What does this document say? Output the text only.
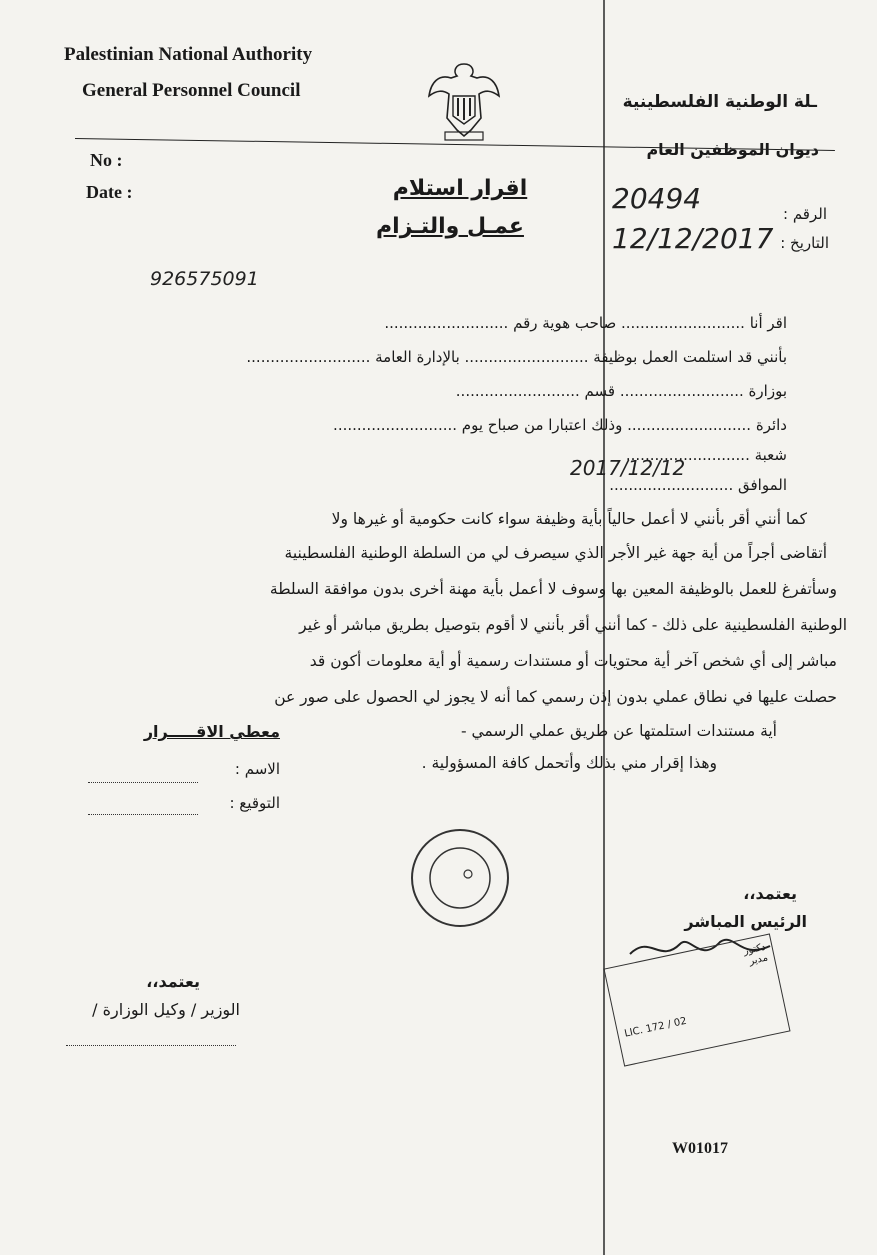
Palestinian National Authority
General Personnel Council
ـلة الوطنية الفلسطينية
ديوان الموظفين العام
No :
Date :	اقرار استلام
عمـل والتـزام	الرقم :
التاريخ :
20494
12/12/2017
926575091
اقر أنا .......................... صاحب هوية رقم ..........................
بأنني قد استلمت العمل بوظيفة .......................... بالإدارة العامة ..........................
بوزارة .......................... قسم ..........................
دائرة .......................... وذلك اعتبارا من صباح يوم ..........................
شعبة ..........................
الموافق ..........................
2017/12/12
كما أنني أقر بأنني لا أعمل حالياً بأية وظيفة سواء كانت حكومية أو غيرها ولا
أتقاضى أجراً من أية جهة غير الأجر الذي سيصرف لي من السلطة الوطنية الفلسطينية
وسأتفرغ للعمل بالوظيفة المعين بها وسوف لا أعمل بأية مهنة أخرى بدون موافقة السلطة
الوطنية الفلسطينية على ذلك - كما أنني أقر بأنني لا أقوم بتوصيل بطريق مباشر أو غير
مباشر إلى أي شخص آخر أية محتويات أو مستندات رسمية أو أية معلومات أكون قد
حصلت عليها في نطاق عملي بدون إذن رسمي كما أنه لا يجوز لي الحصول على صور عن
أية مستندات استلمتها عن طريق عملي الرسمي -
وهذا إقرار مني بذلك وأتحمل كافة المسؤولية .
معطي الاقـــــرار
الاسم :
التوقيع :
يعتمد،،
الرئيس المباشر
دكتور
مدير
LIC. 172 / 02
يعتمد،،
الوزير / وكيل الوزارة /
W01017
